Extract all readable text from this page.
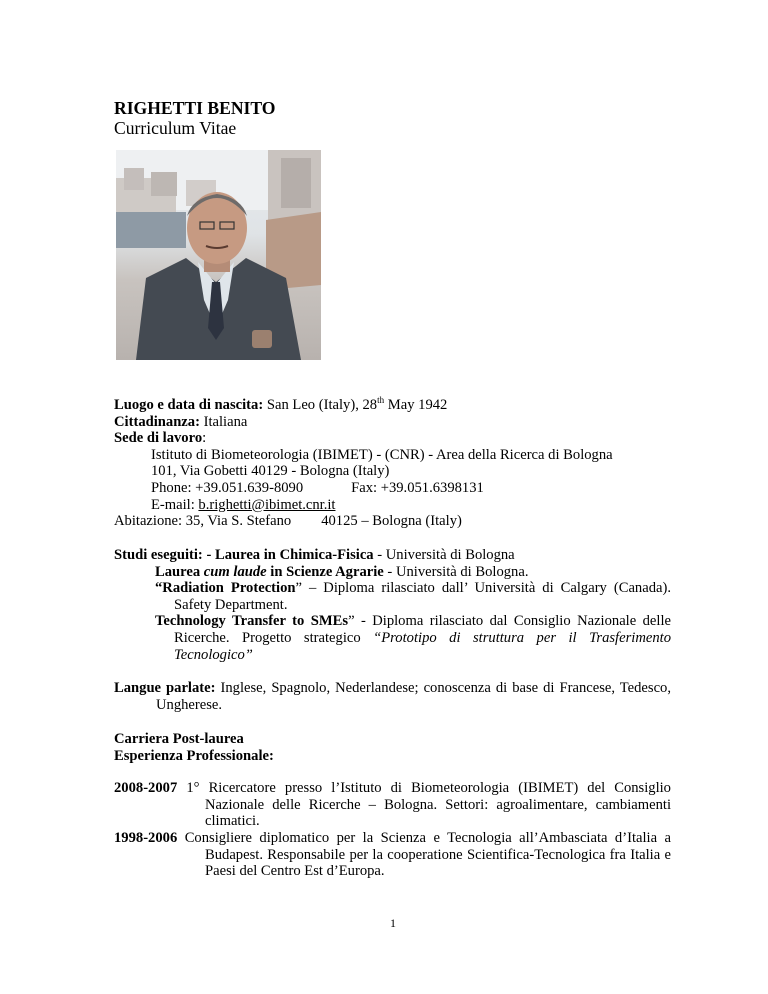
RIGHETTI BENITO
Curriculum Vitae
Luogo e data di nascita: San Leo (Italy), 28th May 1942
Cittadinanza: Italiana
Sede di lavoro:
Istituto di Biometeorologia (IBIMET) - (CNR) - Area della Ricerca di Bologna
101, Via Gobetti 40129 - Bologna (Italy)
Phone: +39.051.639-8090	Fax: +39.051.6398131
E-mail: b.righetti@ibimet.cnr.it
Abitazione: 35, Via S. Stefano 40125 – Bologna (Italy)
Studi eseguiti: - Laurea in Chimica-Fisica - Università di Bologna
Laurea cum laude in Scienze Agrarie - Università di Bologna.
“Radiation Protection” – Diploma rilasciato dall’ Università di Calgary (Canada). Safety Department.
Technology Transfer to SMEs” - Diploma rilasciato dal Consiglio Nazionale delle Ricerche. Progetto strategico “Prototipo di struttura per il Trasferimento Tecnologico”
Langue parlate: Inglese, Spagnolo, Nederlandese; conoscenza di base di Francese, Tedesco, Ungherese.
Carriera Post-laurea
Esperienza Professionale:
2008-2007 1° Ricercatore presso l’Istituto di Biometeorologia (IBIMET) del Consiglio Nazionale delle Ricerche – Bologna. Settori: agroalimentare, cambiamenti climatici.
1998-2006 Consigliere diplomatico per la Scienza e Tecnologia all’Ambasciata d’Italia a Budapest. Responsabile per la cooperatione Scientifica-Tecnologica fra Italia e Paesi del Centro Est d’Europa.
1
